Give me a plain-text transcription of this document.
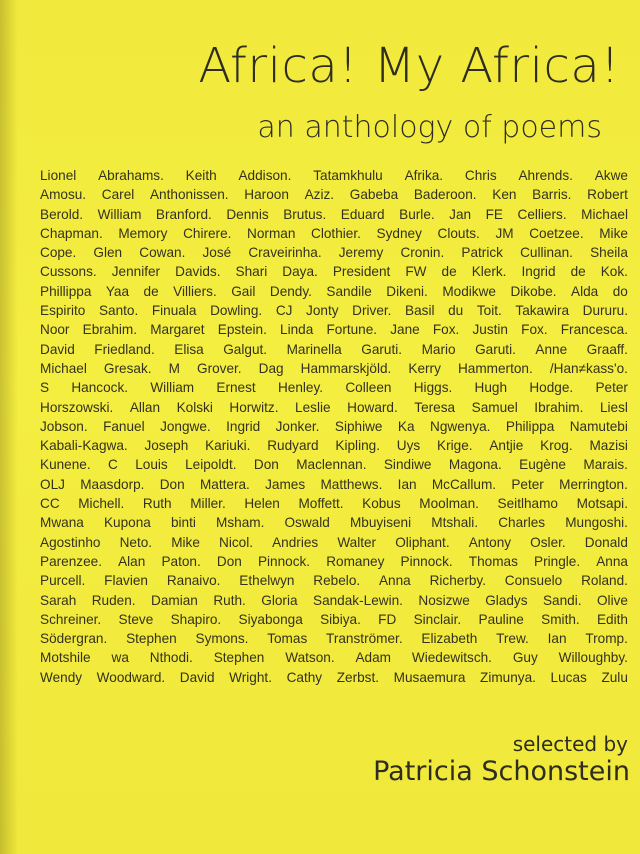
Africa! My Africa!
an anthology of poems
Lionel Abrahams. Keith Addison. Tatamkhulu Afrika. Chris Ahrends. Akwe
Amosu. Carel Anthonissen. Haroon Aziz. Gabeba Baderoon. Ken Barris. Robert
Berold. William Branford. Dennis Brutus. Eduard Burle. Jan FE Celliers. Michael
Chapman. Memory Chirere. Norman Clothier. Sydney Clouts. JM Coetzee. Mike
Cope. Glen Cowan. José Craveirinha. Jeremy Cronin. Patrick Cullinan. Sheila
Cussons. Jennifer Davids. Shari Daya. President FW de Klerk. Ingrid de Kok.
Phillippa Yaa de Villiers. Gail Dendy. Sandile Dikeni. Modikwe Dikobe. Alda do
Espirito Santo. Finuala Dowling. CJ Jonty Driver. Basil du Toit. Takawira Dururu.
Noor Ebrahim. Margaret Epstein. Linda Fortune. Jane Fox. Justin Fox. Francesca.
David Friedland. Elisa Galgut. Marinella Garuti. Mario Garuti. Anne Graaff.
Michael Gresak. M Grover. Dag Hammarskjöld. Kerry Hammerton. /Han≠kass'o.
S Hancock. William Ernest Henley. Colleen Higgs. Hugh Hodge. Peter
Horszowski. Allan Kolski Horwitz. Leslie Howard. Teresa Samuel Ibrahim. Liesl
Jobson. Fanuel Jongwe. Ingrid Jonker. Siphiwe Ka Ngwenya. Philippa Namutebi
Kabali-Kagwa. Joseph Kariuki. Rudyard Kipling. Uys Krige. Antjie Krog. Mazisi
Kunene. C Louis Leipoldt. Don Maclennan. Sindiwe Magona. Eugène Marais.
OLJ Maasdorp. Don Mattera. James Matthews. Ian McCallum. Peter Merrington.
CC Michell. Ruth Miller. Helen Moffett. Kobus Moolman. Seitlhamo Motsapi.
Mwana Kupona binti Msham. Oswald Mbuyiseni Mtshali. Charles Mungoshi.
Agostinho Neto. Mike Nicol. Andries Walter Oliphant. Antony Osler. Donald
Parenzee. Alan Paton. Don Pinnock. Romaney Pinnock. Thomas Pringle. Anna
Purcell. Flavien Ranaivo. Ethelwyn Rebelo. Anna Richerby. Consuelo Roland.
Sarah Ruden. Damian Ruth. Gloria Sandak-Lewin. Nosizwe Gladys Sandi. Olive
Schreiner. Steve Shapiro. Siyabonga Sibiya. FD Sinclair. Pauline Smith. Edith
Södergran. Stephen Symons. Tomas Tranströmer. Elizabeth Trew. Ian Tromp.
Motshile wa Nthodi. Stephen Watson. Adam Wiedewitsch. Guy Willoughby.
Wendy Woodward. David Wright. Cathy Zerbst. Musaemura Zimunya. Lucas Zulu
selected by
Patricia Schonstein
